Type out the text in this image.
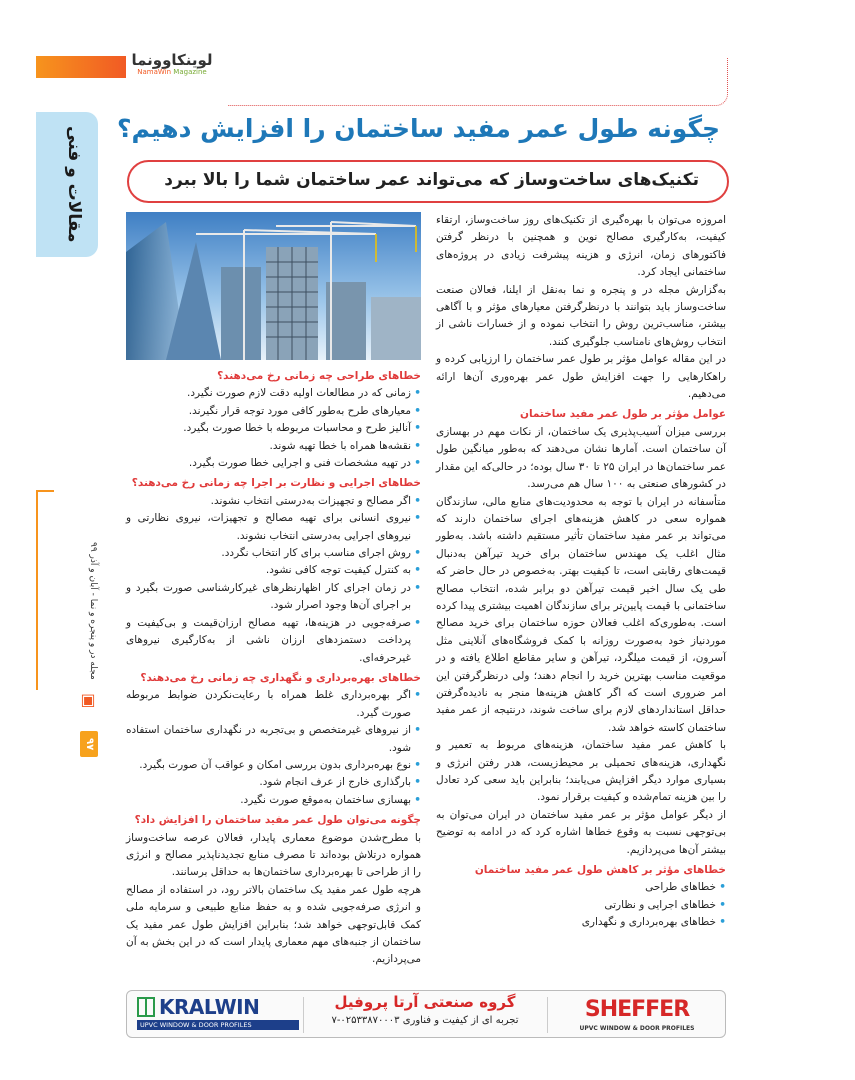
لوینکاوونما
NamaWin Magazine
مقالات و فنی
مجله در و پنجره و نما - آبان و آذر ۹۹
▣
۹۷
چگونه طول عمر مفید ساختمان را افزایش دهیم؟
تکنیک‌های ساخت‌وساز که می‌تواند عمر ساختمان شما را بالا ببرد

امروزه می‌توان با بهره‌گیری از تکنیک‌های روز ساخت‌وساز، ارتقاء کیفیت، به‌کارگیری مصالح نوین و همچنین با درنظر گرفتن فاکتورهای زمان، انرژی و هزینه پیشرفت زیادی در پروژه‌های ساختمانی ایجاد کرد.

به‌گزارش مجله در و پنجره و نما به‌نقل از ایلنا، فعالان صنعت ساخت‌وساز باید بتوانند با درنظرگرفتن معیارهای مؤثر و با آگاهی بیشتر، مناسب‌ترین روش را انتخاب نموده و از خسارات ناشی از انتخاب روش‌های نامناسب جلوگیری کنند.

در این مقاله عوامل مؤثر بر طول عمر ساختمان را ارزیابی کرده و راهکارهایی را جهت افزایش طول عمر بهره‌وری آن‌ها ارائه می‌دهیم.

عوامل مؤثر بر طول عمر مفید ساختمان

بررسی میزان آسیب‌پذیری یک ساختمان، از نکات مهم در بهسازی آن ساختمان است. آمارها نشان می‌دهند که به‌طور میانگین طول عمر ساختمان‌ها در ایران ۲۵ تا ۳۰ سال بوده؛ در حالی‌که این مقدار در کشورهای صنعتی به ۱۰۰ سال هم می‌رسد.

متأسفانه در ایران با توجه به محدودیت‌های منابع مالی، سازندگان همواره سعی در کاهش هزینه‌های اجرای ساختمان دارند که می‌تواند بر عمر مفید ساختمان تأثیر مستقیم داشته باشد. به‌طور مثال اغلب یک مهندس ساختمان برای خرید تیرآهن به‌دنبال قیمت‌های رقابتی است، تا کیفیت بهتر. به‌خصوص در حال حاضر که طی یک سال اخیر قیمت تیرآهن دو برابر شده، انتخاب مصالح ساختمانی با قیمت پایین‌تر برای سازندگان اهمیت بیشتری پیدا کرده است. به‌طوری‌که اغلب فعالان حوزه ساختمان برای خرید مصالح موردنیاز خود به‌صورت روزانه با کمک فروشگاه‌های آنلاینی مثل آسرون، از قیمت میلگرد، تیرآهن و سایر مقاطع اطلاع یافته و در موقعیت مناسب بهترین خرید را انجام دهند؛ ولی درنظرگرفتن این امر ضروری است که اگر کاهش هزینه‌ها منجر به نادیده‌گرفتن حداقل استانداردهای لازم برای ساخت شوند، درنتیجه از عمر مفید ساختمان کاسته خواهد شد.

با کاهش عمر مفید ساختمان، هزینه‌های مربوط به تعمیر و نگهداری، هزینه‌های تحمیلی بر محیط‌زیست، هدر رفتن انرژی و بسیاری موارد دیگر افزایش می‌یابند؛ بنابراین باید سعی کرد تعادل را بین هزینه تمام‌شده و کیفیت برقرار نمود.

از دیگر عوامل مؤثر بر عمر مفید ساختمان در ایران می‌توان به بی‌توجهی نسبت به وقوع خطاها اشاره کرد که در ادامه به توضیح بیشتر آن‌ها می‌پردازیم.

خطاهای مؤثر بر کاهش طول عمر مفید ساختمان

• خطاهای طراحی

• خطاهای اجرایی و نظارتی

• خطاهای بهره‌برداری و نگهداری

خطاهای طراحی چه زمانی رخ می‌دهند؟

• زمانی که در مطالعات اولیه دقت لازم صورت نگیرد.

• معیارهای طرح به‌طور کافی مورد توجه قرار نگیرند.

• آنالیز طرح و محاسبات مربوطه با خطا صورت بگیرد.

• نقشه‌ها همراه با خطا تهیه شوند.

• در تهیه مشخصات فنی و اجرایی خطا صورت بگیرد.

خطاهای اجرایی و نظارت بر اجرا چه زمانی رخ می‌دهند؟

• اگر مصالح و تجهیزات به‌درستی انتخاب نشوند.

• نیروی انسانی برای تهیه مصالح و تجهیزات، نیروی نظارتی و نیروهای اجرایی به‌درستی انتخاب نشوند.

• روش اجرای مناسب برای کار انتخاب نگردد.

• به کنترل کیفیت توجه کافی نشود.

• در زمان اجرای کار اظهارنظرهای غیرکارشناسی صورت بگیرد و بر اجرای آن‌ها وجود اصرار شود.

• صرفه‌جویی در هزینه‌ها، تهیه مصالح ارزان‌قیمت و بی‌کیفیت و پرداخت دستمزدهای ارزان ناشی از به‌کارگیری نیروهای غیرحرفه‌ای.

خطاهای بهره‌برداری و نگهداری چه زمانی رخ می‌دهند؟

• اگر بهره‌برداری غلط همراه با رعایت‌نکردن ضوابط مربوطه صورت گیرد.

• از نیروهای غیرمتخصص و بی‌تجربه در نگهداری ساختمان استفاده شود.

• نوع بهره‌برداری بدون بررسی امکان و عواقب آن صورت بگیرد.

• بارگذاری خارج از عرف انجام شود.

• بهسازی ساختمان به‌موقع صورت نگیرد.

چگونه می‌توان طول عمر مفید ساختمان را افزایش داد؟

با مطرح‌شدن موضوع معماری پایدار، فعالان عرصه ساخت‌وساز همواره درتلاش بوده‌اند تا مصرف منابع تجدیدناپذیر مصالح و انرژی را از طراحی تا بهره‌برداری ساختمان‌ها به حداقل برسانند.

هرچه طول عمر مفید یک ساختمان بالاتر رود، در استفاده از مصالح و انرژی صرفه‌جویی شده و به حفظ منابع طبیعی و سرمایه ملی کمک قابل‌توجهی خواهد شد؛ بنابراین افزایش طول عمر مفید یک ساختمان از جنبه‌های مهم معماری پایدار است که در این بخش به آن می‌پردازیم.

KRALWIN
UPVC WINDOW & DOOR PROFILES
گروه صنعتی آرتا پروفیل
تجربه ای از کیفیت و فناوری ۰۲۵۳۳۸۷۰۰۰۳-۷	SHEFFER
UPVC WINDOW & DOOR PROFILES
